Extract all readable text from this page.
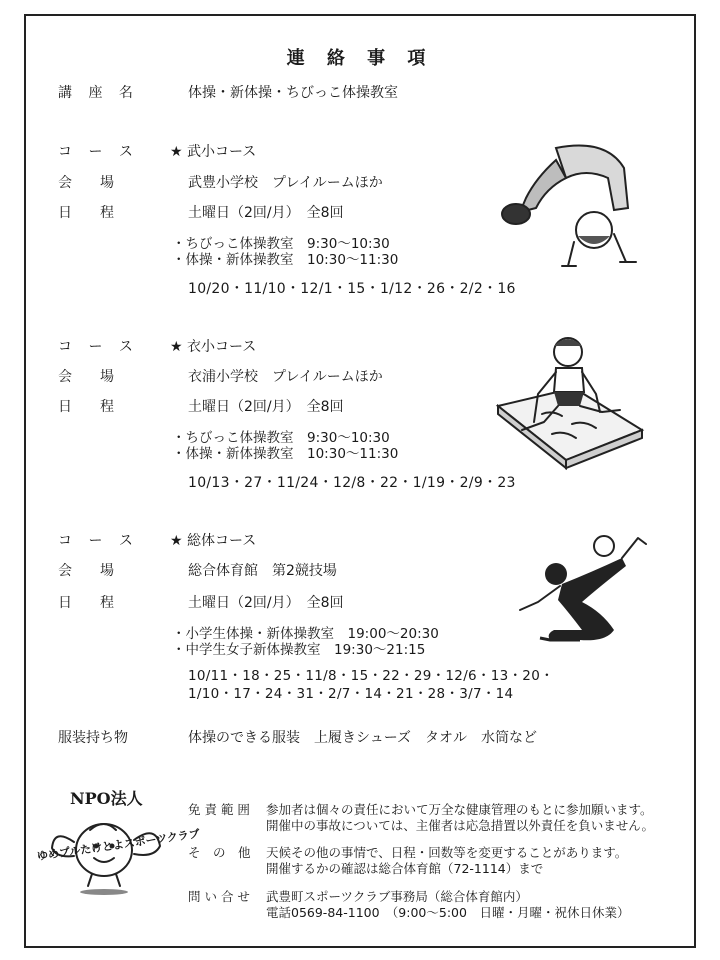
連 絡 事 項
講 座 名	体操・新体操・ちびっこ体操教室
コ ー ス ★ 武小コース
会　　場	武豊小学校　プレイルームほか
日　　程	土曜日（2回/月）　全8回
・ちびっこ体操教室　9:30～10:30
・体操・新体操教室　10:30～11:30
10/20・11/10・12/1・15・1/12・26・2/2・16
コ ー ス ★ 衣小コース
会　　場	衣浦小学校　プレイルームほか
日　　程	土曜日（2回/月）　全8回
・ちびっこ体操教室　9:30～10:30
・体操・新体操教室　10:30～11:30
10/13・27・11/24・12/8・22・1/19・2/9・23
コ ー ス ★ 総体コース
会　　場	総合体育館　第2競技場
日　　程	土曜日（2回/月）　全8回
・小学生体操・新体操教室　19:00～20:30
・中学生女子新体操教室　19:30～21:15
10/11・18・25・11/8・15・22・29・12/6・13・20・
1/10・17・24・31・2/7・14・21・28・3/7・14
服装持ち物	体操のできる服装　上履きシューズ　タオル　水筒など
免 責 範 囲 参加者は個々の責任において万全な健康管理のもとに参加願います。
開催中の事故については、主催者は応急措置以外責任を負いません。
そ　の　他 天候その他の事情で、日程・回数等を変更することがあります。
開催するかの確認は総合体育館（72-1114）まで
問 い 合 せ 武豊町スポーツクラブ事務局（総合体育館内）
電話0569-84-1100　（9:00～5:00　日曜・月曜・祝休日休業）
NPO法人
ゆめプルたけとよスポーツクラブ
